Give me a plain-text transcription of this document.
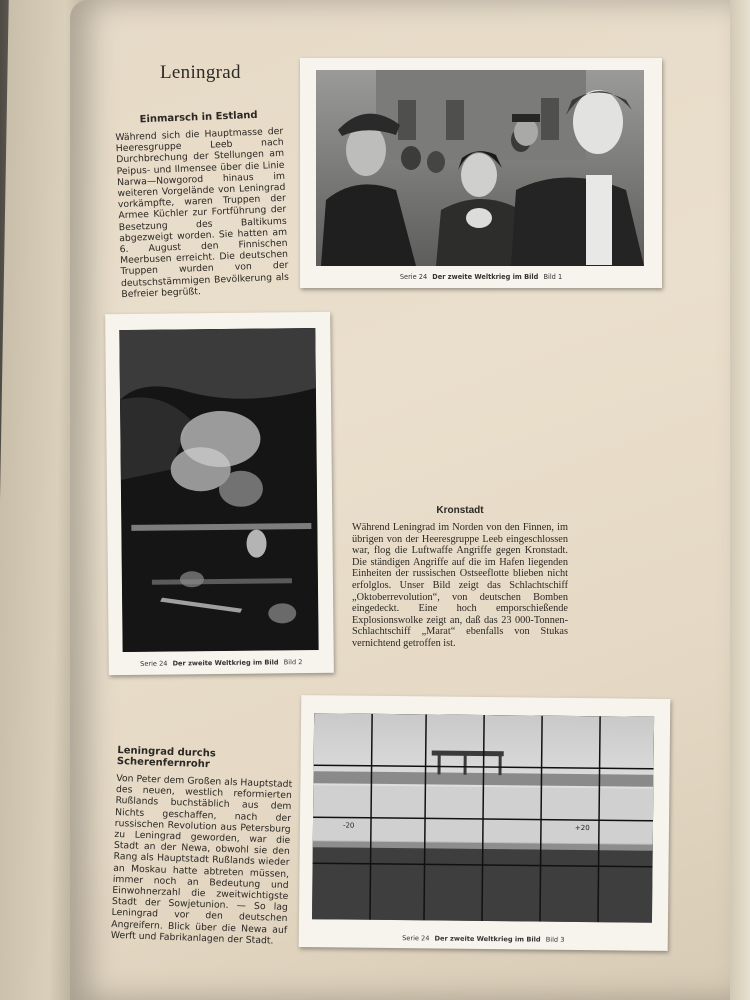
Leningrad
Einmarsch in Estland
Während sich die Hauptmasse der Heeresgruppe Leeb nach Durchbrechung der Stellungen am Peipus- und Ilmensee über die Linie Narwa—Nowgorod hinaus im weiteren Vorgelände von Leningrad vorkämpfte, waren Truppen der Armee Küchler zur Fortführung der Besetzung des Baltikums abgezweigt worden. Sie hatten am 6. August den Finnischen Meerbusen erreicht. Die deutschen Truppen wurden von der deutschstämmigen Bevölkerung als Befreier begrüßt.
Serie 24 Der zweite Weltkrieg im Bild Bild 1
Serie 24 Der zweite Weltkrieg im Bild Bild 2
Kronstadt
Während Leningrad im Norden von den Finnen, im übrigen von der Heeresgruppe Leeb eingeschlossen war, flog die Luftwaffe Angriffe gegen Kronstadt. Die ständigen Angriffe auf die im Hafen liegenden Einheiten der russischen Ostseeflotte blieben nicht erfolglos. Unser Bild zeigt das Schlachtschiff „Oktoberrevolution“, von deutschen Bomben eingedeckt. Eine hoch emporschießende Explosionswolke zeigt an, daß das 23 000-Tonnen-Schlachtschiff „Marat“ ebenfalls von Stukas vernichtend getroffen ist.
Leningrad durchs Scherenfernrohr
Von Peter dem Großen als Hauptstadt des neuen, westlich reformierten Rußlands buchstäblich aus dem Nichts geschaffen, nach der russischen Revolution aus Petersburg zu Leningrad geworden, war die Stadt an der Newa, obwohl sie den Rang als Hauptstadt Rußlands wieder an Moskau hatte abtreten müssen, immer noch an Bedeutung und Einwohnerzahl die zweitwichtigste Stadt der Sowjetunion. — So lag Leningrad vor den deutschen Angreifern. Blick über die Newa auf Werft und Fabrikanlagen der Stadt.
-20	+20
Serie 24 Der zweite Weltkrieg im Bild Bild 3
